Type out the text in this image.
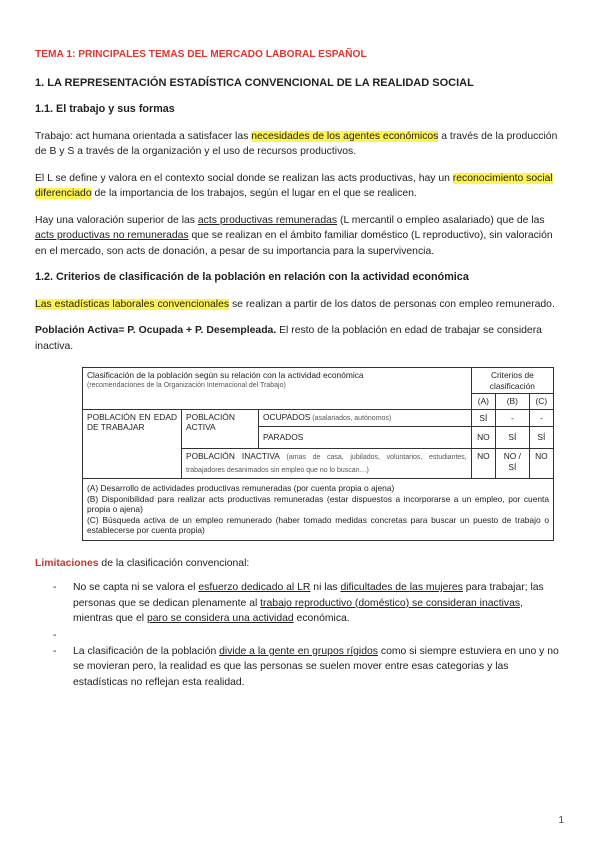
TEMA 1: PRINCIPALES TEMAS DEL MERCADO LABORAL ESPAÑOL

1. LA REPRESENTACIÓN ESTADÍSTICA CONVENCIONAL DE LA REALIDAD SOCIAL

1.1. El trabajo y sus formas

Trabajo: act humana orientada a satisfacer las necesidades de los agentes económicos a través de la producción de B y S a través de la organización y el uso de recursos productivos.

El L se define y valora en el contexto social donde se realizan las acts productivas, hay un reconocimiento social diferenciado de la importancia de los trabajos, según el lugar en el que se realicen.

Hay una valoración superior de las acts productivas remuneradas (L mercantil o empleo asalariado) que de las acts productivas no remuneradas que se realizan en el ámbito familiar doméstico (L reproductivo), sin valoración en el mercado, son acts de donación, a pesar de su importancia para la supervivencia.

1.2. Criterios de clasificación de la población en relación con la actividad económica

Las estadísticas laborales convencionales se realizan a partir de los datos de personas con empleo remunerado.

Población Activa= P. Ocupada + P. Desempleada. El resto de la población en edad de trabajar se considera inactiva.

Clasificación de la población según su relación con la actividad económica
(recomendaciones de la Organización Internacional del Trabajo)			Criterios de clasificación		
			(A)	(B)	(C)
POBLACIÓN EN EDAD DE TRABAJAR	POBLACIÓN ACTIVA	OCUPADOS (asalariados, autónomos)	SÍ	-	-
		PARADOS	NO	SÍ	SÍ
	POBLACIÓN INACTIVA (amas de casa, jubilados, voluntarios, estudiantes, trabajadores desanimados sin empleo que no lo buscan…)		NO	NO / SÍ	NO

(A) Desarrollo de actividades productivas remuneradas (por cuenta propia o ajena)
(B) Disponibilidad para realizar acts productivas remuneradas (estar dispuestos a incorporarse a un empleo, por cuenta propia o ajena)
(C) Búsqueda activa de un empleo remunerado (haber tomado medidas concretas para buscar un puesto de trabajo o establecerse por cuenta propia)					

Limitaciones de la clasificación convencional:

- No se capta ni se valora el esfuerzo dedicado al LR ni las dificultades de las mujeres para trabajar; las personas que se dedican plenamente al trabajo reproductivo (doméstico) se consideran inactivas, mientras que el paro se considera una actividad económica.
-
- La clasificación de la población divide a la gente en grupos rígidos como si siempre estuviera en uno y no se movieran pero, la realidad es que las personas se suelen mover entre esas categorias y las estadísticas no reflejan esta realidad.
1
